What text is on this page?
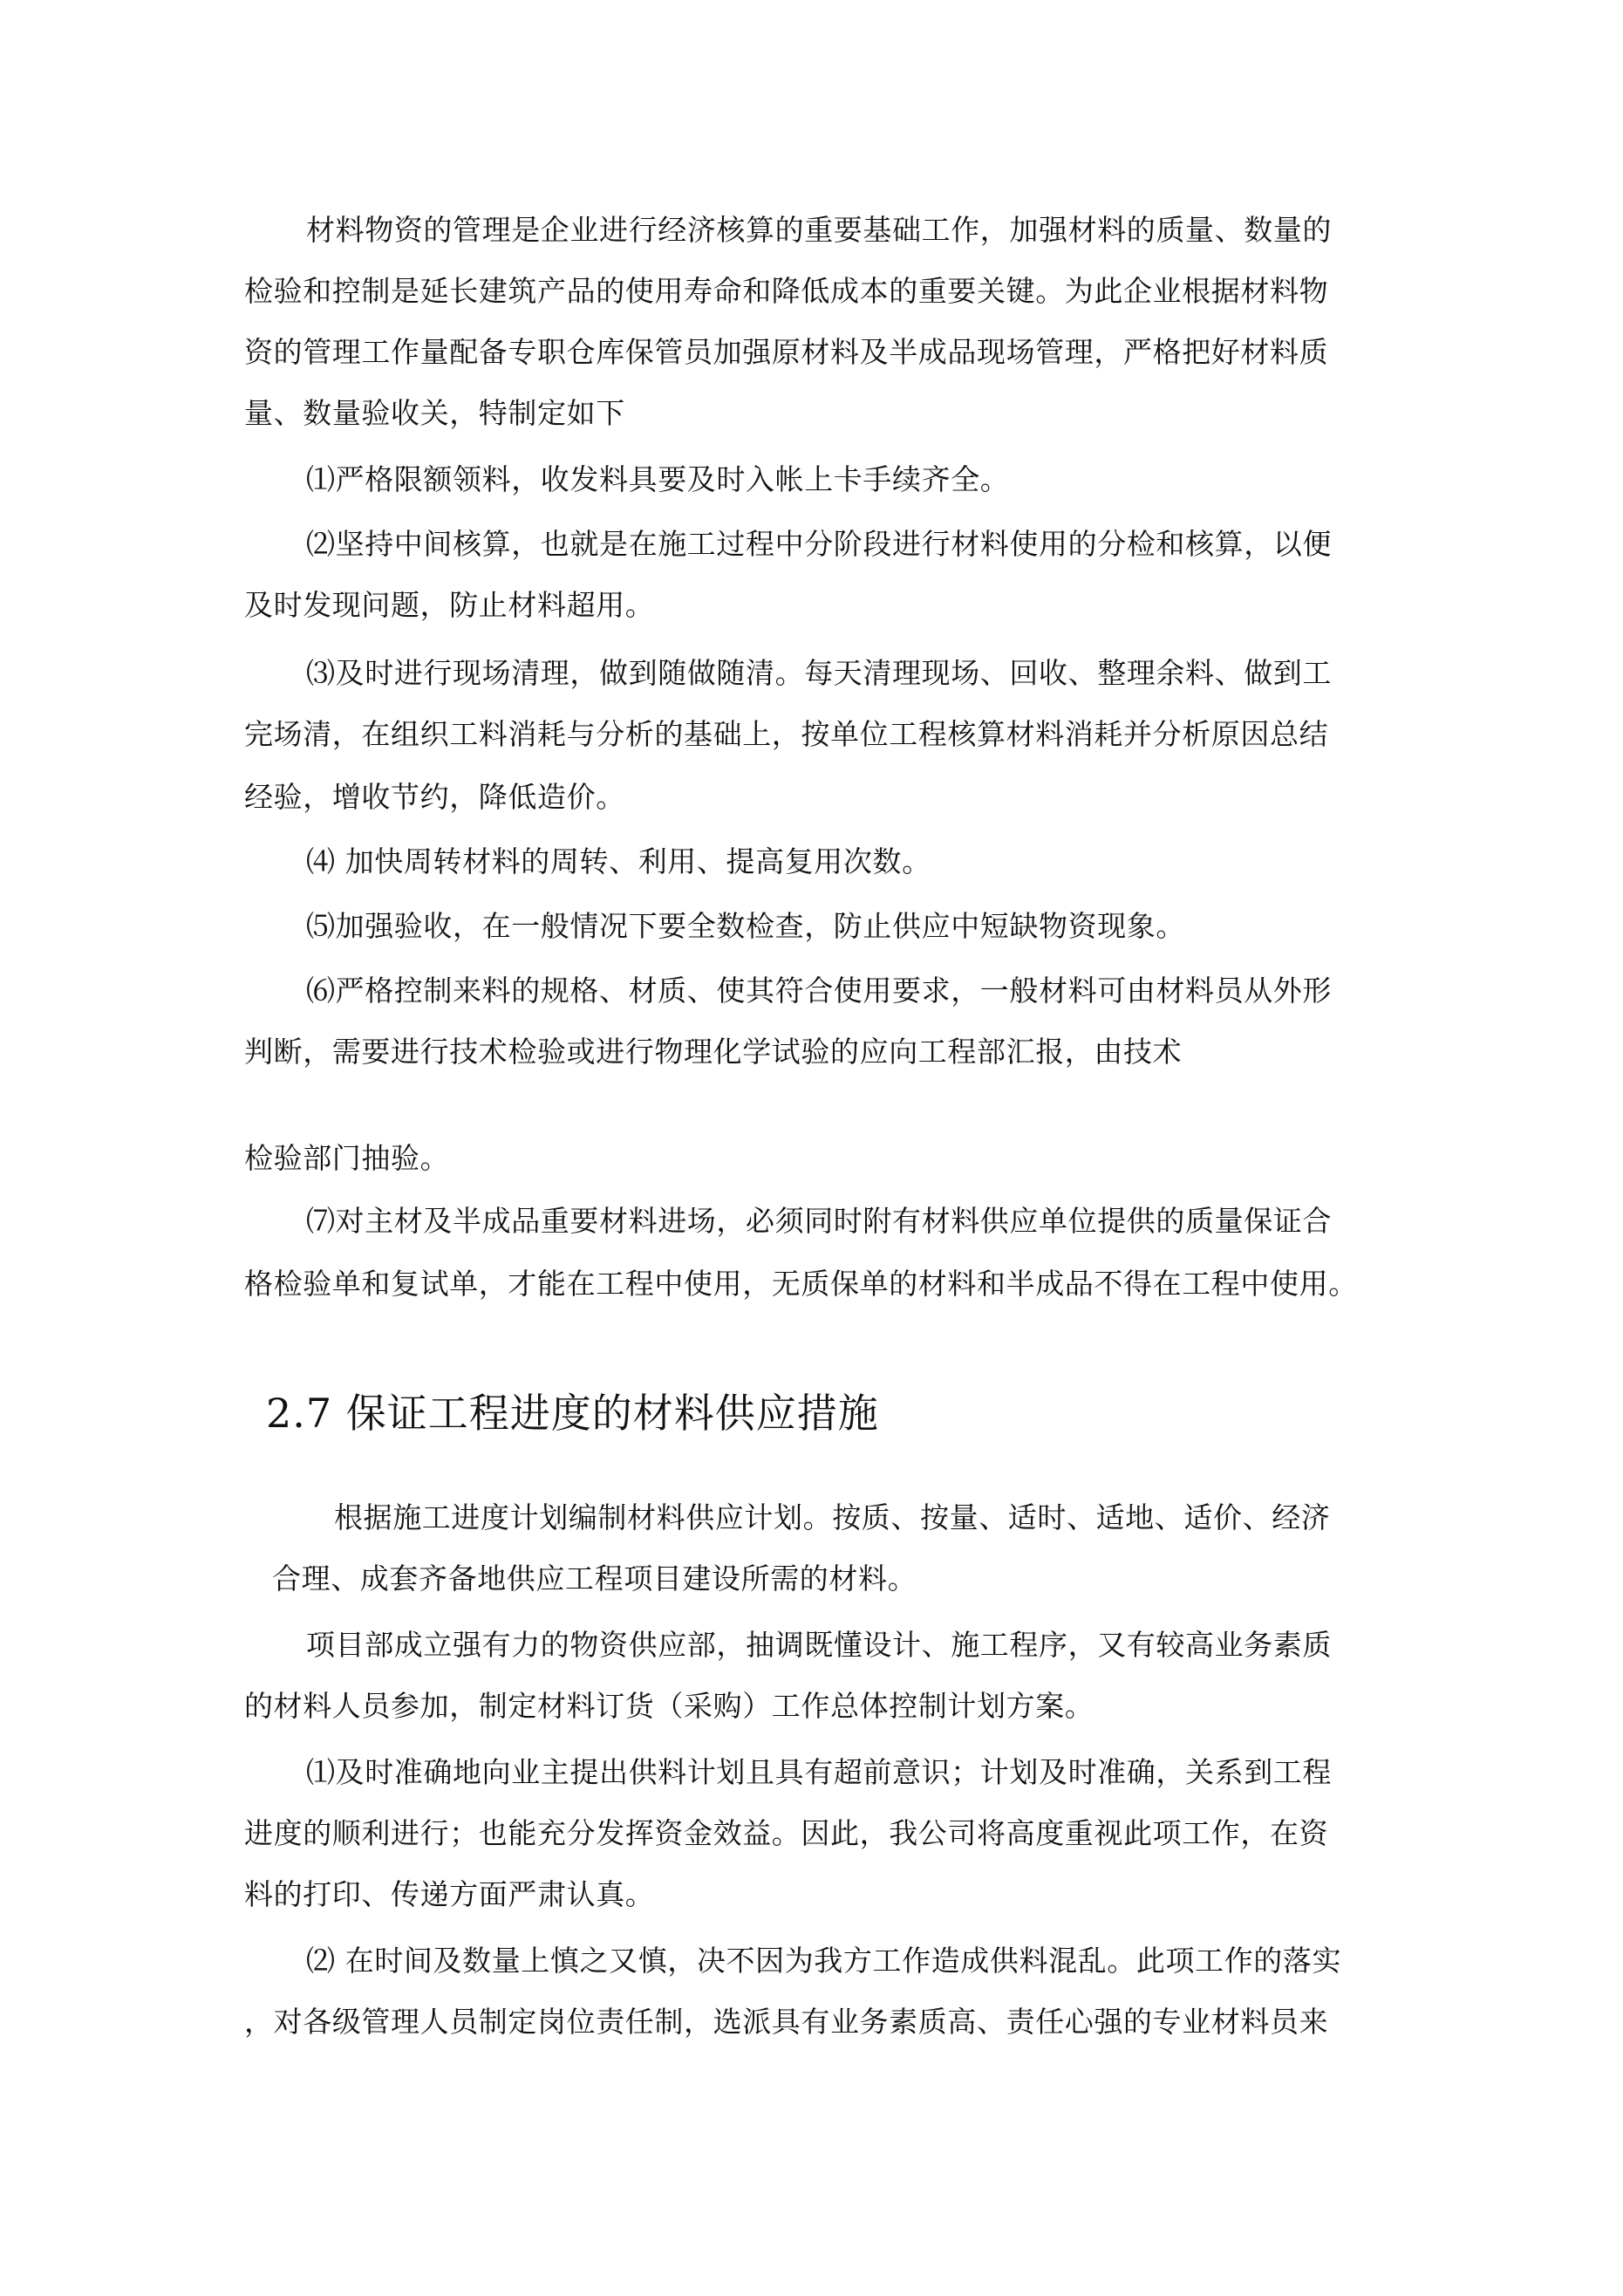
材料物资的管理是企业进行经济核算的重要基础工作，加强材料的质量、数量的
检验和控制是延长建筑产品的使用寿命和降低成本的重要关键。为此企业根据材料物
资的管理工作量配备专职仓库保管员加强原材料及半成品现场管理，严格把好材料质
量、数量验收关，特制定如下
⑴严格限额领料，收发料具要及时入帐上卡手续齐全。
⑵坚持中间核算，也就是在施工过程中分阶段进行材料使用的分检和核算，以便
及时发现问题，防止材料超用。
⑶及时进行现场清理，做到随做随清。每天清理现场、回收、整理余料、做到工
完场清，在组织工料消耗与分析的基础上，按单位工程核算材料消耗并分析原因总结
经验，增收节约，降低造价。
⑷ 加快周转材料的周转、利用、提高复用次数。
⑸加强验收，在一般情况下要全数检查，防止供应中短缺物资现象。
⑹严格控制来料的规格、材质、使其符合使用要求，一般材料可由材料员从外形
判断，需要进行技术检验或进行物理化学试验的应向工程部汇报，由技术
检验部门抽验。
⑺对主材及半成品重要材料进场，必须同时附有材料供应单位提供的质量保证合
格检验单和复试单，才能在工程中使用，无质保单的材料和半成品不得在工程中使用。
2.7 保证工程进度的材料供应措施
根据施工进度计划编制材料供应计划。按质、按量、适时、适地、适价、经济
合理、成套齐备地供应工程项目建设所需的材料。
项目部成立强有力的物资供应部，抽调既懂设计、施工程序，又有较高业务素质
的材料人员参加，制定材料订货（采购）工作总体控制计划方案。
⑴及时准确地向业主提出供料计划且具有超前意识；计划及时准确，关系到工程
进度的顺利进行；也能充分发挥资金效益。因此，我公司将高度重视此项工作，在资
料的打印、传递方面严肃认真。
⑵ 在时间及数量上慎之又慎，决不因为我方工作造成供料混乱。此项工作的落实
，对各级管理人员制定岗位责任制，选派具有业务素质高、责任心强的专业材料员来
